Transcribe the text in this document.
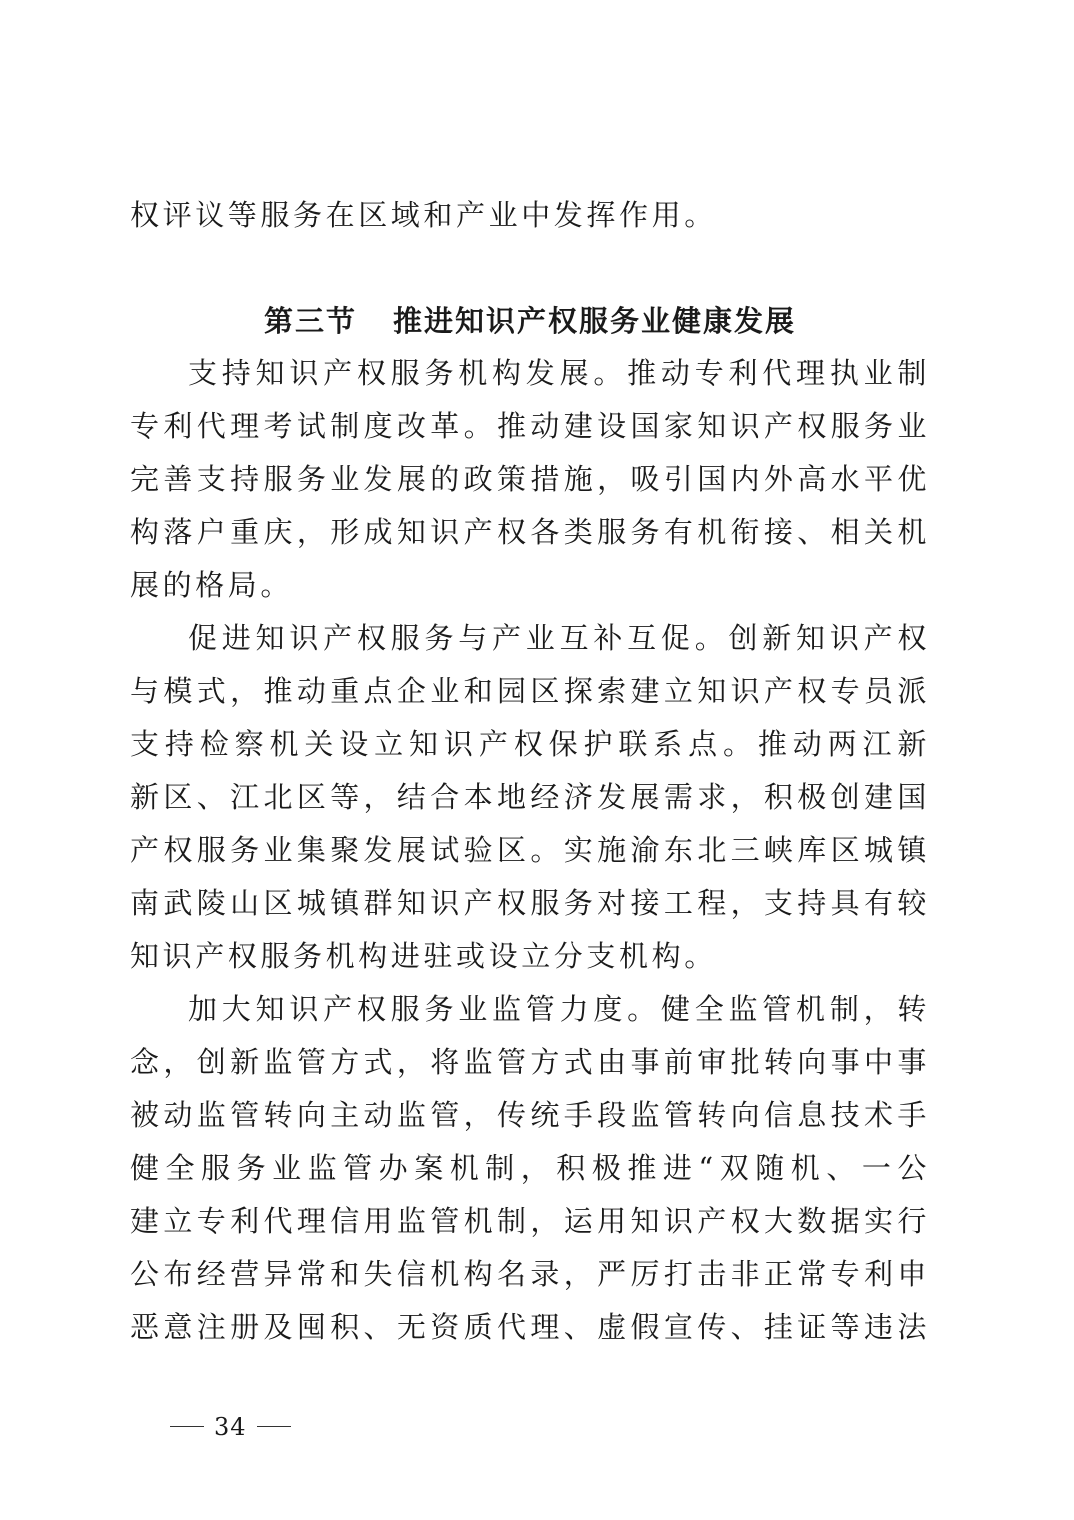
权评议等服务在区域和产业中发挥作用。
第三节 推进知识产权服务业健康发展
支持知识产权服务机构发展。推动专利代理执业制
专利代理考试制度改革。推动建设国家知识产权服务业
完善支持服务业发展的政策措施，吸引国内外高水平优
构落户重庆，形成知识产权各类服务有机衔接、相关机
展的格局。
促进知识产权服务与产业互补互促。创新知识产权
与模式，推动重点企业和园区探索建立知识产权专员派
支持检察机关设立知识产权保护联系点。推动两江新
新区、江北区等，结合本地经济发展需求，积极创建国
产权服务业集聚发展试验区。实施渝东北三峡库区城镇
南武陵山区城镇群知识产权服务对接工程，支持具有较
知识产权服务机构进驻或设立分支机构。
加大知识产权服务业监管力度。健全监管机制，转
念，创新监管方式，将监管方式由事前审批转向事中事
被动监管转向主动监管，传统手段监管转向信息技术手
健全服务业监管办案机制，积极推进“双随机、一公
建立专利代理信用监管机制，运用知识产权大数据实行
公布经营异常和失信机构名录，严厉打击非正常专利申
恶意注册及囤积、无资质代理、虚假宣传、挂证等违法
34
